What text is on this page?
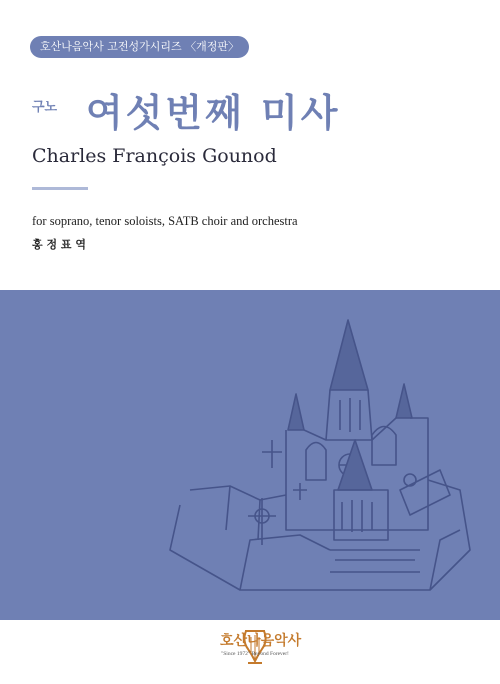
호산나음악사 고전성가시리즈 〈개정판〉
구노 여섯번째 미사
Charles François Gounod
for soprano, tenor soloists, SATB choir and orchestra
홍 정 표 역
호산나음악사
"Since 1972" Beyond Forever!
